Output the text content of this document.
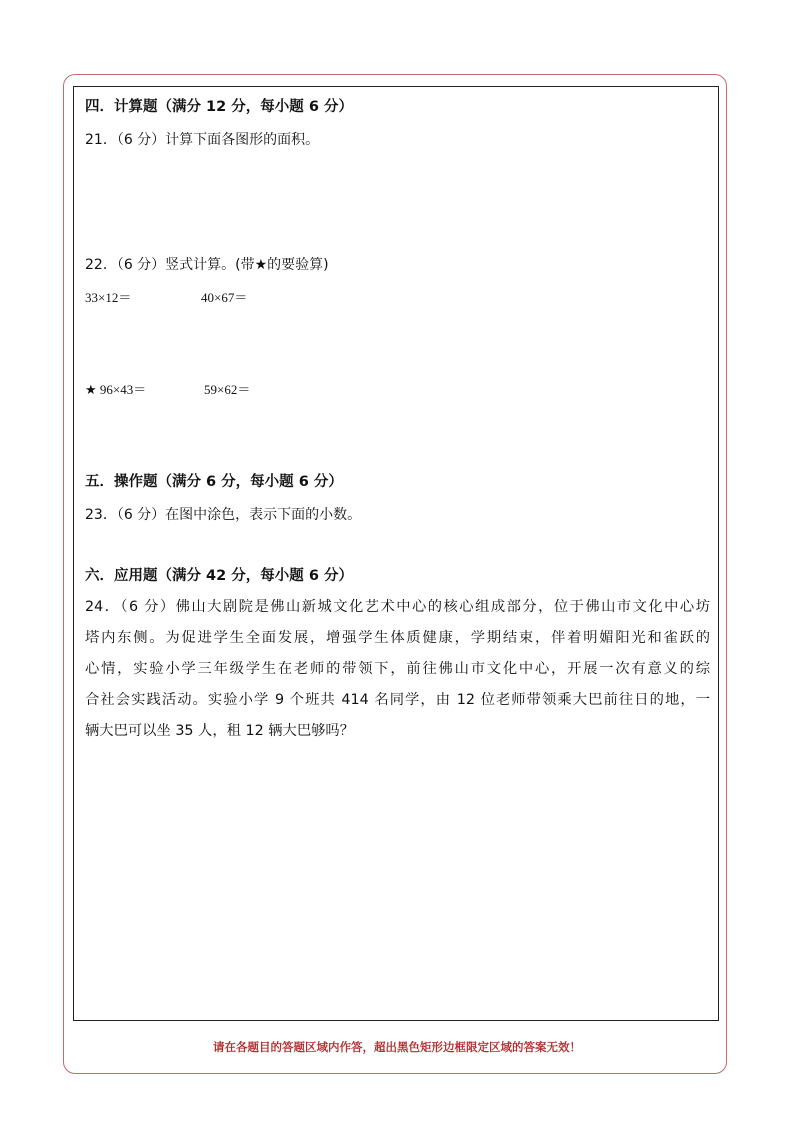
四．计算题（满分 12 分，每小题 6 分）
21．（6 分）计算下面各图形的面积。
22．（6 分）竖式计算。(带★的要验算)
33×12＝	40×67＝
★ 96×43＝	59×62＝
五．操作题（满分 6 分，每小题 6 分）
23．（6 分）在图中涂色，表示下面的小数。
六．应用题（满分 42 分，每小题 6 分）
24．（6 分）佛山大剧院是佛山新城文化艺术中心的核心组成部分，位于佛山市文化中心坊
塔内东侧。为促进学生全面发展，增强学生体质健康，学期结束，伴着明媚阳光和雀跃的
心情，实验小学三年级学生在老师的带领下，前往佛山市文化中心，开展一次有意义的综
合社会实践活动。实验小学 9 个班共 414 名同学，由 12 位老师带领乘大巴前往日的地，一
辆大巴可以坐 35 人，租 12 辆大巴够吗？
请在各题目的答题区域内作答，超出黑色矩形边框限定区域的答案无效！
